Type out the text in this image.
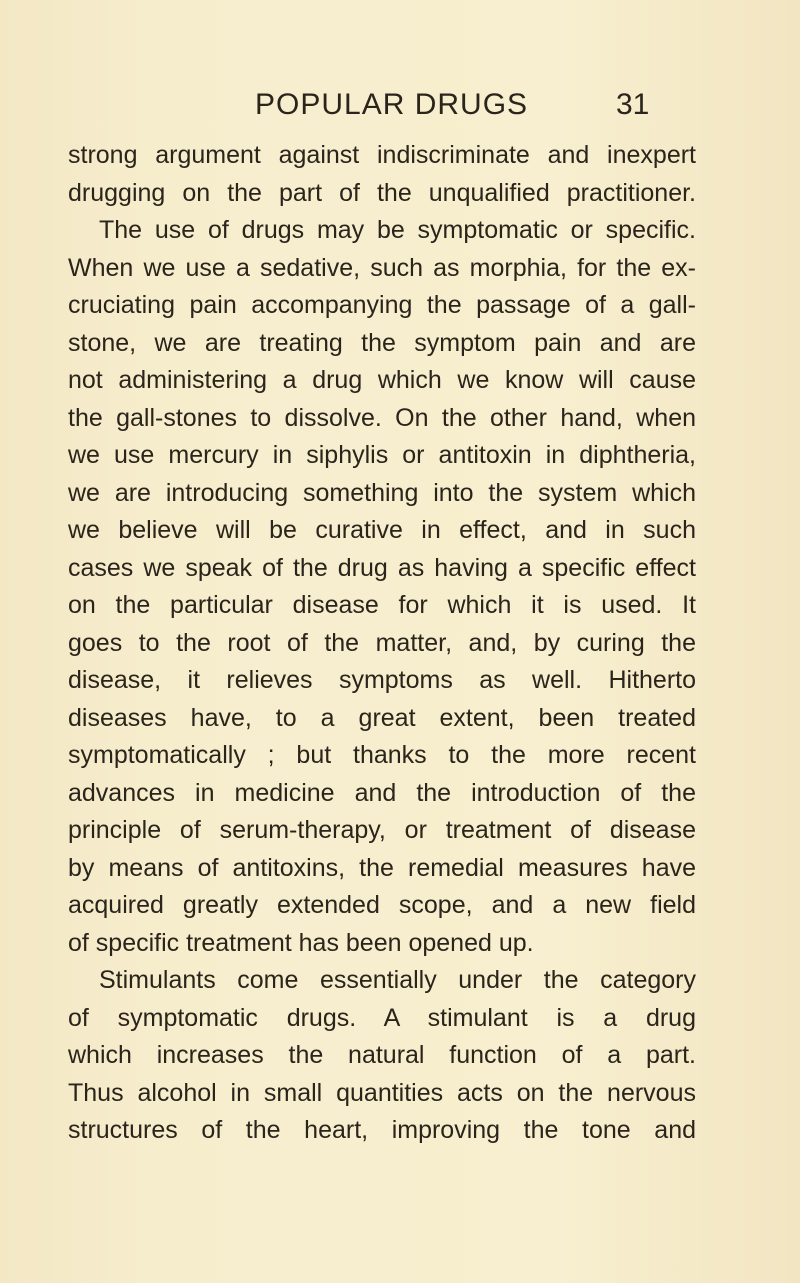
POPULAR DRUGS	31
strong argument against indiscriminate and inexpert
drugging on the part of the unqualified practitioner.
The use of drugs may be symptomatic or specific.
When we use a sedative, such as morphia, for the ex-
cruciating pain accompanying the passage of a gall-
stone, we are treating the symptom pain and are
not administering a drug which we know will cause
the gall-stones to dissolve. On the other hand, when
we use mercury in siphylis or antitoxin in diphtheria,
we are introducing something into the system which
we believe will be curative in effect, and in such
cases we speak of the drug as having a specific effect
on the particular disease for which it is used. It
goes to the root of the matter, and, by curing the
disease, it relieves symptoms as well. Hitherto
diseases have, to a great extent, been treated
symptomatically ; but thanks to the more recent
advances in medicine and the introduction of the
principle of serum-therapy, or treatment of disease
by means of antitoxins, the remedial measures have
acquired greatly extended scope, and a new field
of specific treatment has been opened up.
Stimulants come essentially under the category
of symptomatic drugs. A stimulant is a drug
which increases the natural function of a part.
Thus alcohol in small quantities acts on the nervous
structures of the heart, improving the tone and
